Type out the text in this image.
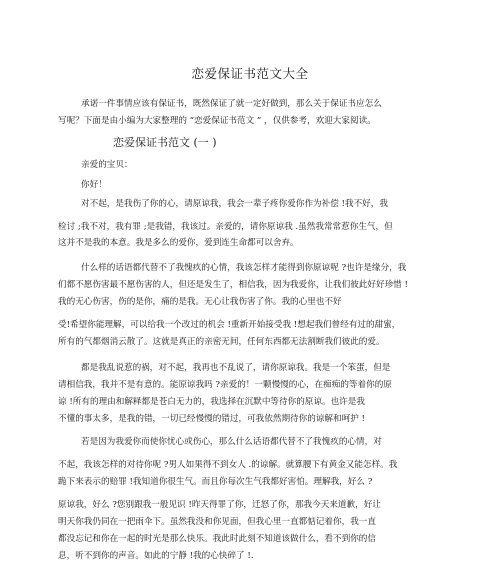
恋爱保证书范文大全
承诺一件事情应该有保证书，既然保证了就一定好做到，那么关于保证书应怎么
写呢？下面是由小编为大家整理的 “恋爱保证书范文 ” ，仅供参考，欢迎大家阅读。
恋爱保证书范文 (一 )
亲爱的宝贝：
你好！
对不起，是我伤了你的心，请原谅我，我会一辈子疼你爱你作为补偿 !我不好，我
检讨 ;我不对，我有罪 ;是我错，我该过。亲爱的，请你原谅我 .虽然我常常惹你生气，但
这并不是我的本意。我是多么的爱你，爱到连生命都可以舍弃。
什么样的话语都代替不了我愧疚的心情，我该怎样才能得到你原谅呢 ?也许是缘分，我
们都不愿伤害最不愿伤害的人，但还是发生了，相信我，因为我爱你，让我们彼此好好珍惜 !
我的无心伤害，伤的是你，痛的是我。无心让我伤害了你。我的心里也不好
受!希望你能理解，可以给我一个改过的机会 !重新开始接受我 !想起我们曾经有过的甜蜜，
所有的气都烟消云散了。这就是真正的亲密无间，任何东西都无法割断我们彼此的爱。
都是我乱说惹的祸，对不起，我再也不乱说了，请你原谅我。我是一个笨蛋，但是
请相信我，我并不是有意的。能原谅我吗 ?亲爱的！一颗慢慢的心，在痴痴的等着你的原
谅 !所有的理由和解释都是苍白无力的，我选择在沉默中等待你的原谅。也许是我
不懂的事太多，是我的错，一切已经慢慢的错过，可我依然期待你的谅解和呵护 !
若是因为我爱你而使你忧心或伤心，那么什么话语都代替不了我愧疚的心情，对
不起，我该怎样的对待你呢 ?男人如果得不到女人 .的谅解。就算腰下有黄金又能怎样。我
跪下来表示的赔罪 !我知道你很生气。而且你每次生气我都好害怕。理解我，好么 ?
原谅我，好么 ?您别跟我一般见识 !昨天得罪了你，迁怒了你，那我今天来道歉，好让
明天你我仍同在一把雨伞下。虽然我没和你见面，但我心里一直都惦记着你，我一直
都没忘记和你在一起的时光是那么快乐。我此时此刻不知道该做什么，看不到你的信
息，听不到你的声音。如此的宁静 !我的心快碎了 !.
